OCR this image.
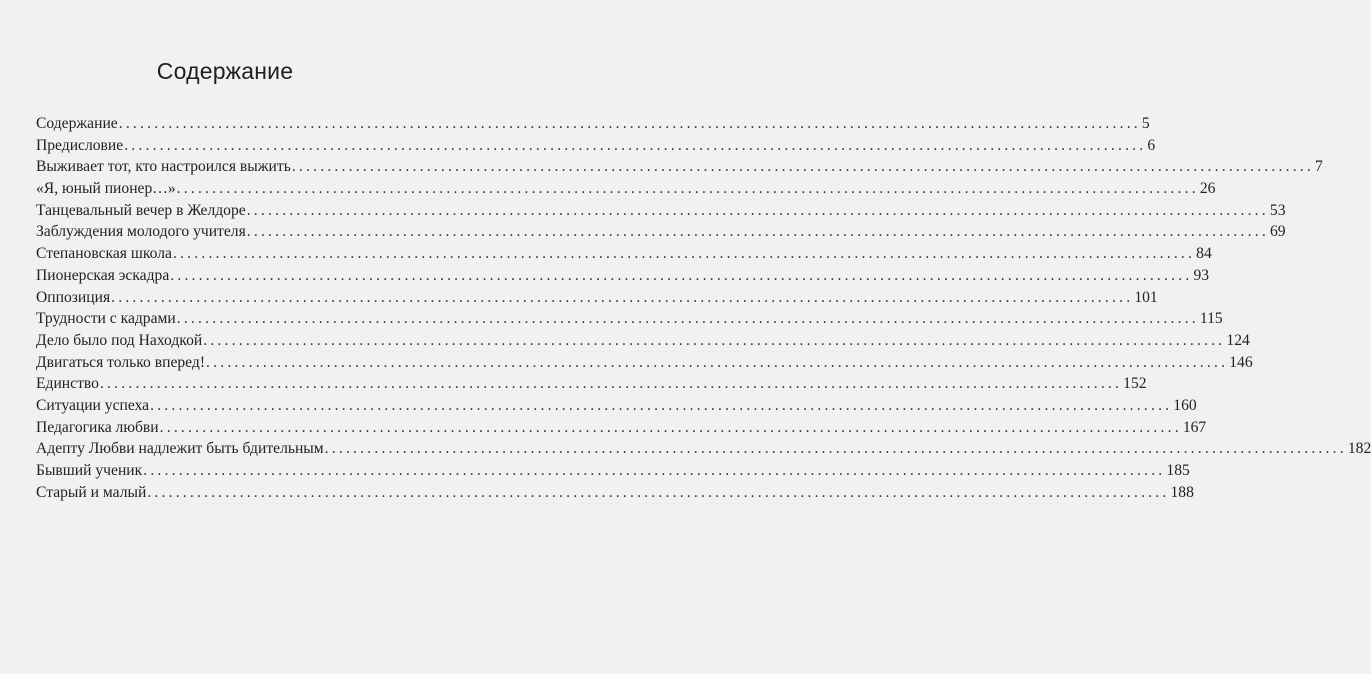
Содержание
Содержание ................................................................................................................................................ 5
Предисловие ................................................................................................................................................ 6
Выживает тот, кто настроился выжить ................................................................................................................................................ 7
«Я, юный пионер…» ................................................................................................................................................ 26
Танцевальный вечер в Желдоре ................................................................................................................................................ 53
Заблуждения молодого учителя ................................................................................................................................................ 69
Степановская школа ................................................................................................................................................ 84
Пионерская эскадра ................................................................................................................................................ 93
Оппозиция ................................................................................................................................................ 101
Трудности с кадрами ................................................................................................................................................ 115
Дело было под Находкой ................................................................................................................................................ 124
Двигаться только вперед! ................................................................................................................................................ 146
Единство ................................................................................................................................................ 152
Ситуации успеха ................................................................................................................................................ 160
Педагогика любви ................................................................................................................................................ 167
Адепту Любви надлежит быть бдительным ................................................................................................................................................ 182
Бывший ученик ................................................................................................................................................ 185
Старый и малый ................................................................................................................................................ 188
